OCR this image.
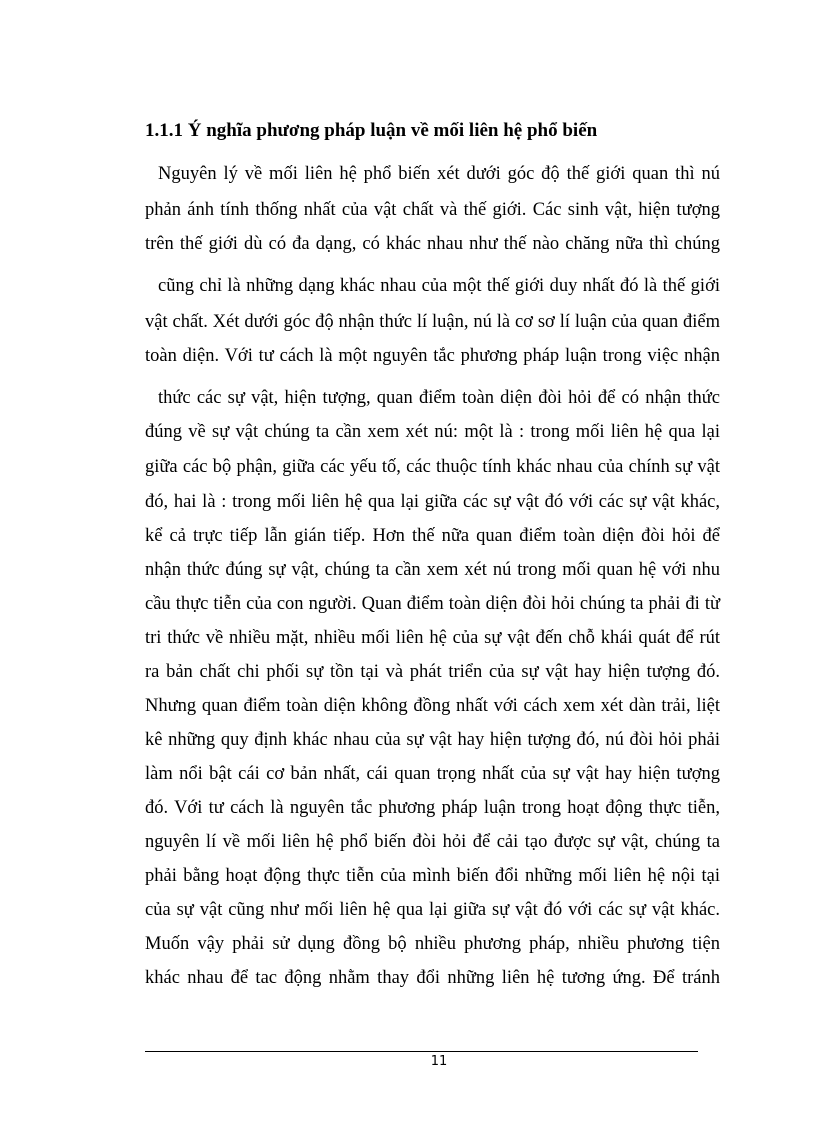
1.1.1 Ý nghĩa phương pháp luận về mối liên hệ phổ biến
Nguyên lý về mối liên hệ phổ biến xét dưới góc độ thế giới quan thì nú
phản ánh tính thống nhất của vật chất và thế giới. Các sinh vật, hiện tượng
trên thế giới dù có đa dạng, có khác nhau như thế nào chăng nữa thì chúng
cũng chỉ là những dạng khác nhau của một thế giới duy nhất đó là thế giới
vật chất. Xét dưới góc độ nhận thức lí luận, nú là cơ sơ lí luận của quan điểm
toàn diện. Với tư cách là một nguyên tắc phương pháp luận trong việc nhận
thức các sự vật, hiện tượng, quan điểm toàn diện đòi hỏi để có nhận thức
đúng về sự vật chúng ta cần xem xét nú: một là : trong mối liên hệ qua lại
giữa các bộ phận, giữa các yếu tố, các thuộc tính khác nhau của chính sự vật
đó, hai là : trong mối liên hệ qua lại giữa các sự vật đó với các sự vật khác,
kể cả trực tiếp lẫn gián tiếp. Hơn thế nữa quan điểm toàn diện đòi hỏi để
nhận thức đúng sự vật, chúng ta cần xem xét nú trong mối quan hệ với nhu
cầu thực tiễn của con người. Quan điểm toàn diện đòi hỏi chúng ta phải đi từ
tri thức về nhiều mặt, nhiều mối liên hệ của sự vật đến chỗ khái quát để rút
ra bản chất chi phối sự tồn tại và phát triển của sự vật hay hiện tượng đó.
Nhưng quan điểm toàn diện không đồng nhất với cách xem xét dàn trải, liệt
kê những quy định khác nhau của sự vật hay hiện tượng đó, nú đòi hỏi phải
làm nổi bật cái cơ bản nhất, cái quan trọng nhất của sự vật hay hiện tượng
đó. Với tư cách là nguyên tắc phương pháp luận trong hoạt động thực tiễn,
nguyên lí về mối liên hệ phổ biến đòi hỏi để cải tạo được sự vật, chúng ta
phải bằng hoạt động thực tiễn của mình biến đổi những mối liên hệ nội tại
của sự vật cũng như mối liên hệ qua lại giữa sự vật đó với các sự vật khác.
Muốn vậy phải sử dụng đồng bộ nhiều phương pháp, nhiều phương tiện
khác nhau để tac động nhằm thay đổi những liên hệ tương ứng. Để tránh
11
